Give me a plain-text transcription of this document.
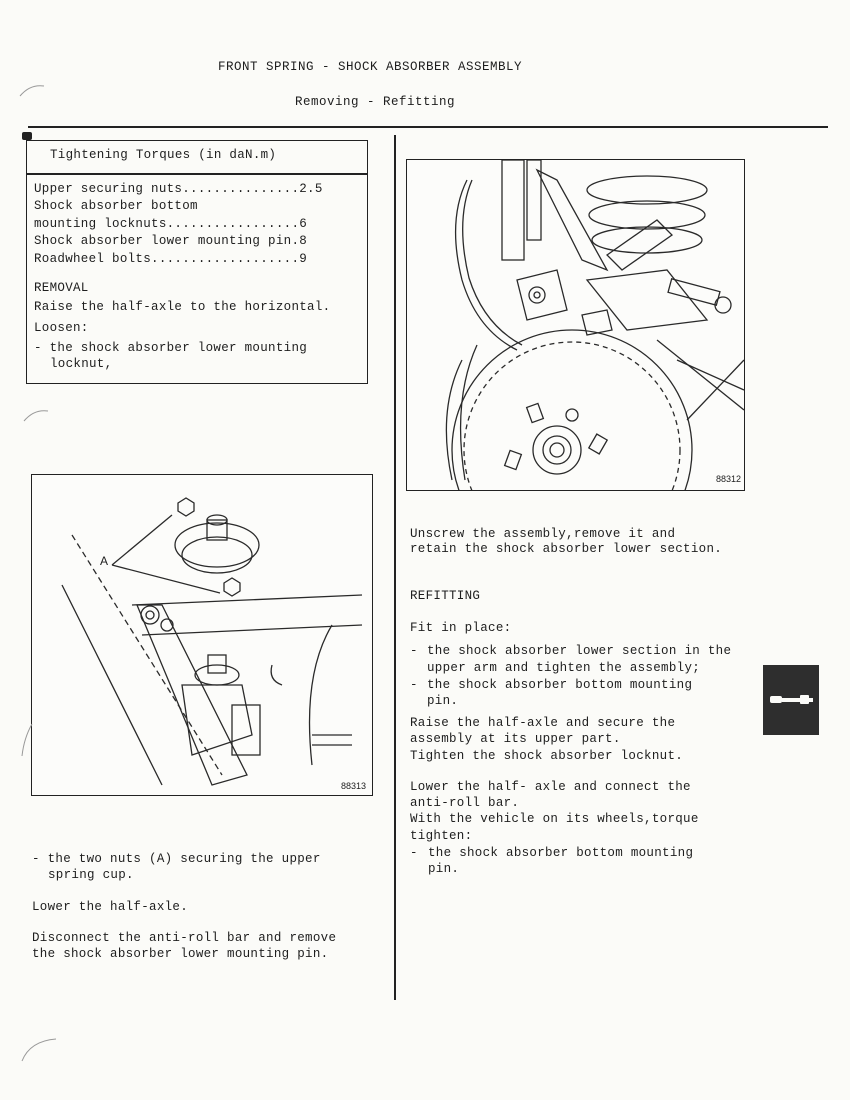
FRONT SPRING - SHOCK ABSORBER ASSEMBLY
Removing - Refitting
Tightening Torques (in daN.m)
Upper securing nuts...............2.5
Shock absorber bottom
mounting locknuts.................6
Shock absorber lower mounting pin.8
Roadwheel bolts...................9
REMOVAL
Raise the half-axle to the horizontal.
Loosen:
- the shock absorber lower mounting
locknut,
88312
A
88313
- the two nuts (A) securing the upper
spring cup.
Lower the half-axle.
Disconnect the anti-roll bar and remove
the shock absorber lower mounting pin.
Unscrew the assembly,remove it and
retain the shock absorber lower section.
REFITTING
Fit in place:
- the shock absorber lower section in the
upper arm and tighten the assembly;
- the shock absorber bottom mounting
pin.
Raise the half-axle and secure the
assembly at its upper part.
Tighten the shock absorber locknut.
Lower the half- axle and connect the
anti-roll bar.
With the vehicle on its wheels,torque
tighten:
- the shock absorber bottom mounting
pin.
